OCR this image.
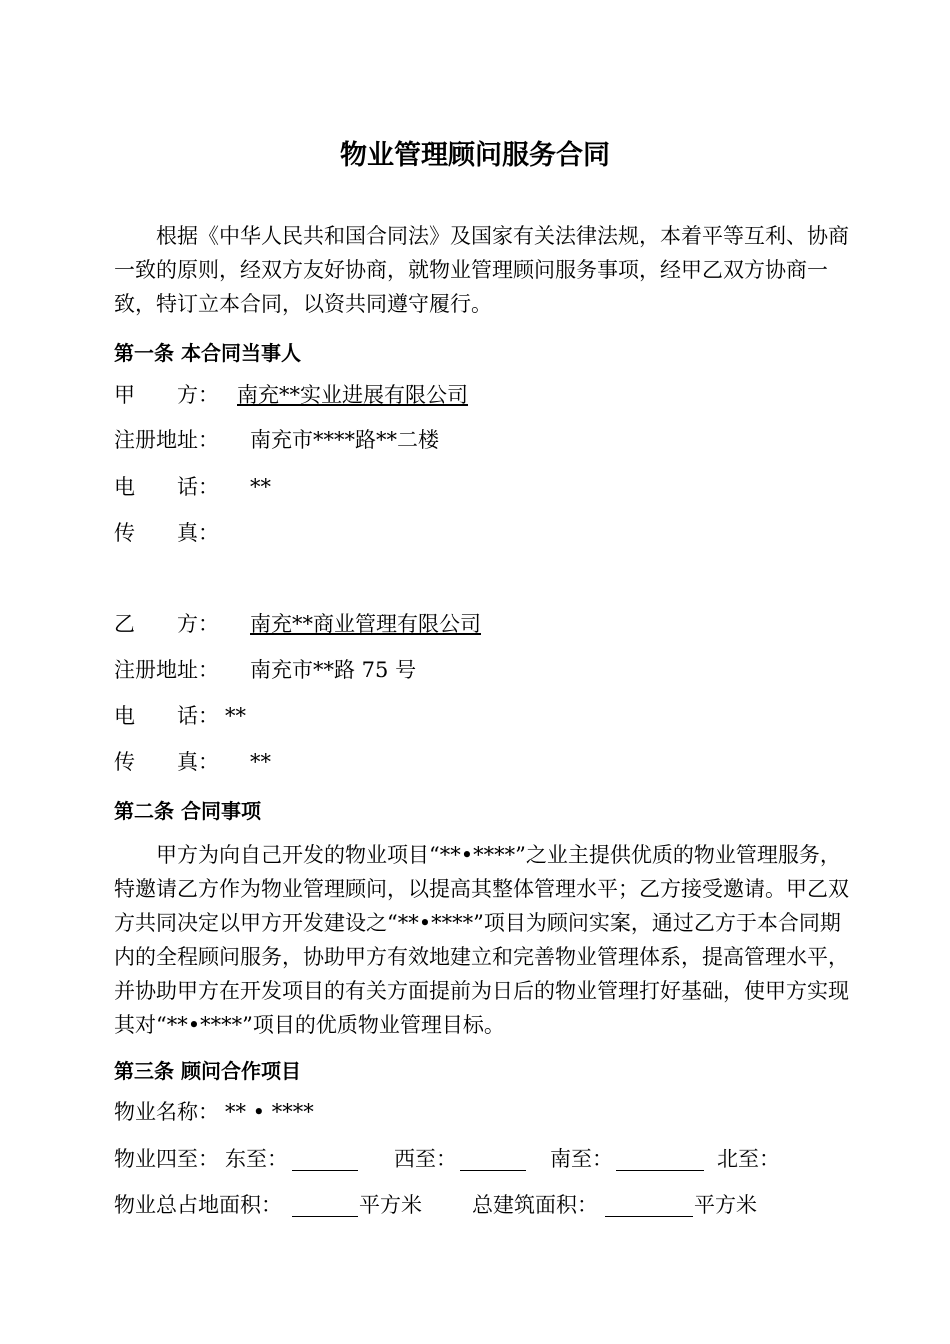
物业管理顾问服务合同
根据《中华人民共和国合同法》及国家有关法律法规，本着平等互利、协商一致的原则，经双方友好协商，就物业管理顾问服务事项，经甲乙双方协商一致，特订立本合同，以资共同遵守履行。
第一条 本合同当事人
甲　　方： 南充**实业进展有限公司
注册地址： 南充市****路**二楼
电　　话： **
传　　真：
乙　　方： 南充**商业管理有限公司
注册地址： 南充市**路 75 号
电　　话： **
传　　真： **
第二条 合同事项
甲方为向自己开发的物业项目“**•****”之业主提供优质的物业管理服务，特邀请乙方作为物业管理顾问，以提高其整体管理水平；乙方接受邀请。甲乙双方共同决定以甲方开发建设之“**•****”项目为顾问实案，通过乙方于本合同期内的全程顾问服务，协助甲方有效地建立和完善物业管理体系，提高管理水平，并协助甲方在开发项目的有关方面提前为日后的物业管理打好基础，使甲方实现其对“**•****”项目的优质物业管理目标。
第三条 顾问合作项目
物业名称： ** • ****
物业四至： 东至：	西至：	南至：	北至：
物业总占地面积：	平方米 总建筑面积：	平方米
